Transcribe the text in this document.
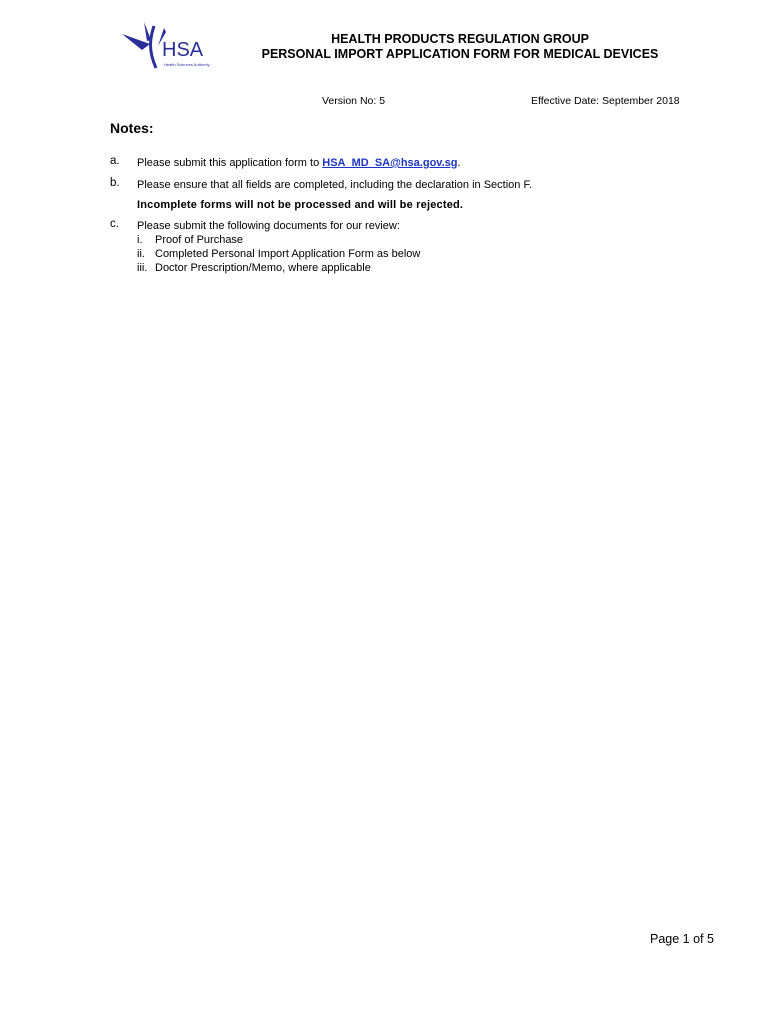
HSA
Health Sciences Authority
HEALTH PRODUCTS REGULATION GROUP
PERSONAL IMPORT APPLICATION FORM FOR MEDICAL DEVICES
Version No: 5	Effective Date: September 2018
Notes:
a. Please submit this application form to HSA_MD_SA@hsa.gov.sg.
b. Please ensure that all fields are completed, including the declaration in Section F.
Incomplete forms will not be processed and will be rejected.
c. Please submit the following documents for our review:
i. Proof of Purchase
ii. Completed Personal Import Application Form as below
iii. Doctor Prescription/Memo, where applicable
Page 1 of 5
